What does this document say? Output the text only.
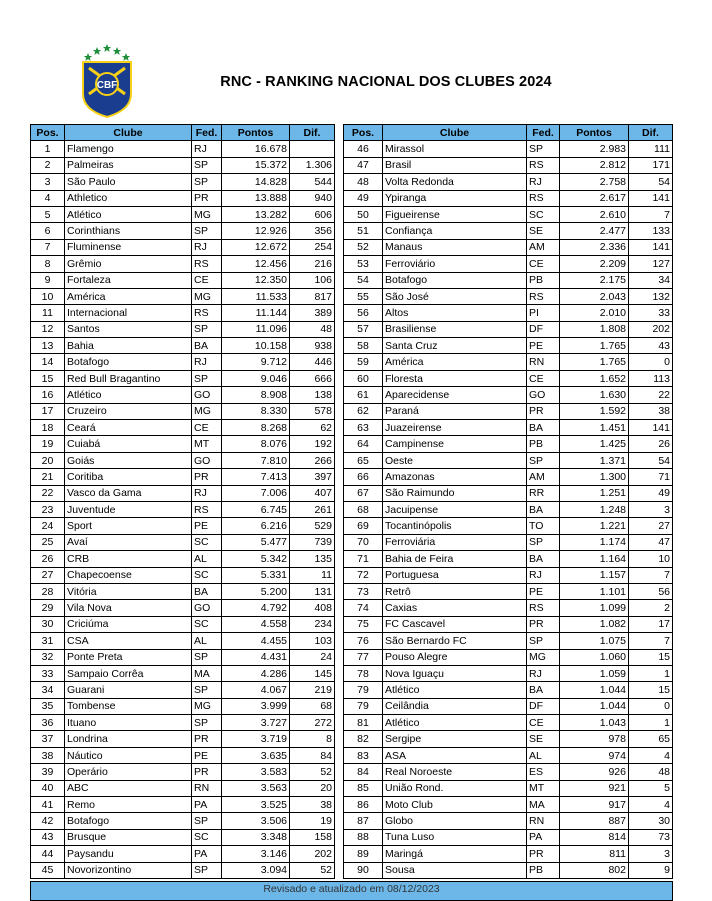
CBF	RNC - RANKING NACIONAL DOS CLUBES 2024
Pos.	Clube	Fed.	Pontos	Dif.
1	Flamengo	RJ	16.678	
2	Palmeiras	SP	15.372	1.306
3	São Paulo	SP	14.828	544
4	Athletico	PR	13.888	940
5	Atlético	MG	13.282	606
6	Corinthians	SP	12.926	356
7	Fluminense	RJ	12.672	254
8	Grêmio	RS	12.456	216
9	Fortaleza	CE	12.350	106
10	América	MG	11.533	817
11	Internacional	RS	11.144	389
12	Santos	SP	11.096	48
13	Bahia	BA	10.158	938
14	Botafogo	RJ	9.712	446
15	Red Bull Bragantino	SP	9.046	666
16	Atlético	GO	8.908	138
17	Cruzeiro	MG	8.330	578
18	Ceará	CE	8.268	62
19	Cuiabá	MT	8.076	192
20	Goiás	GO	7.810	266
21	Coritiba	PR	7.413	397
22	Vasco da Gama	RJ	7.006	407
23	Juventude	RS	6.745	261
24	Sport	PE	6.216	529
25	Avaí	SC	5.477	739
26	CRB	AL	5.342	135
27	Chapecoense	SC	5.331	11
28	Vitória	BA	5.200	131
29	Vila Nova	GO	4.792	408
30	Criciúma	SC	4.558	234
31	CSA	AL	4.455	103
32	Ponte Preta	SP	4.431	24
33	Sampaio Corrêa	MA	4.286	145
34	Guarani	SP	4.067	219
35	Tombense	MG	3.999	68
36	Ituano	SP	3.727	272
37	Londrina	PR	3.719	8
38	Náutico	PE	3.635	84
39	Operário	PR	3.583	52
40	ABC	RN	3.563	20
41	Remo	PA	3.525	38
42	Botafogo	SP	3.506	19
43	Brusque	SC	3.348	158
44	Paysandu	PA	3.146	202
45	Novorizontino	SP	3.094	52
Pos.	Clube	Fed.	Pontos	Dif.
46	Mirassol	SP	2.983	111
47	Brasil	RS	2.812	171
48	Volta Redonda	RJ	2.758	54
49	Ypiranga	RS	2.617	141
50	Figueirense	SC	2.610	7
51	Confiança	SE	2.477	133
52	Manaus	AM	2.336	141
53	Ferroviário	CE	2.209	127
54	Botafogo	PB	2.175	34
55	São José	RS	2.043	132
56	Altos	PI	2.010	33
57	Brasiliense	DF	1.808	202
58	Santa Cruz	PE	1.765	43
59	América	RN	1.765	0
60	Floresta	CE	1.652	113
61	Aparecidense	GO	1.630	22
62	Paraná	PR	1.592	38
63	Juazeirense	BA	1.451	141
64	Campinense	PB	1.425	26
65	Oeste	SP	1.371	54
66	Amazonas	AM	1.300	71
67	São Raimundo	RR	1.251	49
68	Jacuipense	BA	1.248	3
69	Tocantinópolis	TO	1.221	27
70	Ferroviária	SP	1.174	47
71	Bahia de Feira	BA	1.164	10
72	Portuguesa	RJ	1.157	7
73	Retrô	PE	1.101	56
74	Caxias	RS	1.099	2
75	FC Cascavel	PR	1.082	17
76	São Bernardo FC	SP	1.075	7
77	Pouso Alegre	MG	1.060	15
78	Nova Iguaçu	RJ	1.059	1
79	Atlético	BA	1.044	15
79	Ceilândia	DF	1.044	0
81	Atlético	CE	1.043	1
82	Sergipe	SE	978	65
83	ASA	AL	974	4
84	Real Noroeste	ES	926	48
85	União Rond.	MT	921	5
86	Moto Club	MA	917	4
87	Globo	RN	887	30
88	Tuna Luso	PA	814	73
89	Maringá	PR	811	3
90	Sousa	PB	802	9
Revisado e atualizado em 08/12/2023
